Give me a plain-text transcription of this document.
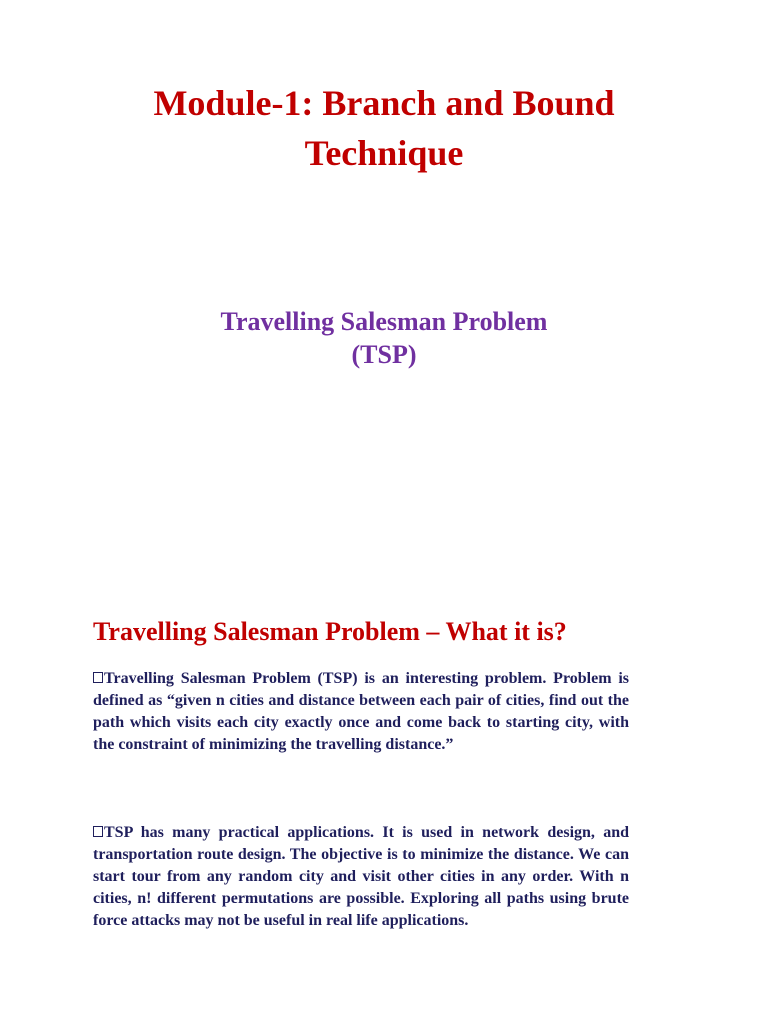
Module-1: Branch and Bound
Technique
Travelling Salesman Problem
(TSP)
Travelling Salesman Problem – What it is?

Travelling Salesman Problem (TSP) is an interesting problem. Problem is defined as “given n cities and distance between each pair of cities, find out the path which visits each city exactly once and come back to starting city, with the constraint of minimizing the travelling distance.”

TSP has many practical applications. It is used in network design, and transportation route design. The objective is to minimize the distance. We can start tour from any random city and visit other cities in any order. With n cities, n! different permutations are possible. Exploring all paths using brute force attacks may not be useful in real life applications.
